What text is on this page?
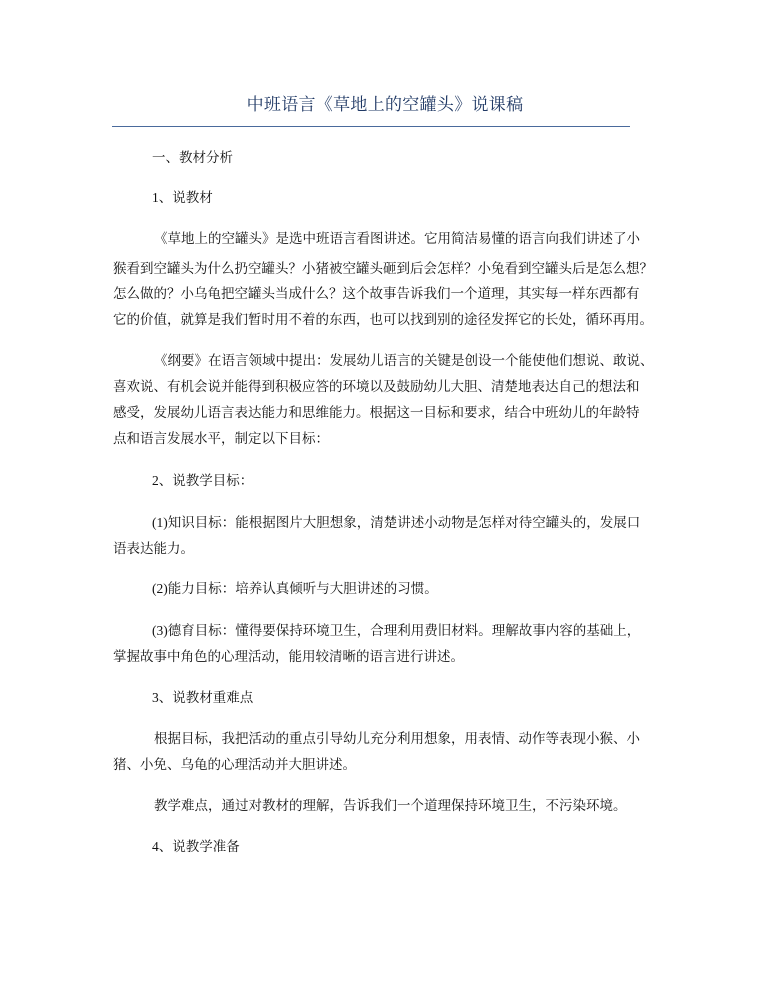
中班语言《草地上的空罐头》说课稿
一、教材分析
1、说教材
《草地上的空罐头》是选中班语言看图讲述。它用简洁易懂的语言向我们讲述了小
猴看到空罐头为什么扔空罐头？小猪被空罐头砸到后会怎样？小兔看到空罐头后是怎么想？
怎么做的？小乌龟把空罐头当成什么？这个故事告诉我们一个道理，其实每一样东西都有
它的价值，就算是我们暂时用不着的东西，也可以找到别的途径发挥它的长处，循环再用。
《纲要》在语言领域中提出：发展幼儿语言的关键是创设一个能使他们想说、敢说、
喜欢说、有机会说并能得到积极应答的环境以及鼓励幼儿大胆、清楚地表达自己的想法和
感受，发展幼儿语言表达能力和思维能力。根据这一目标和要求，结合中班幼儿的年龄特
点和语言发展水平，制定以下目标：
2、说教学目标：
(1)知识目标：能根据图片大胆想象，清楚讲述小动物是怎样对待空罐头的，发展口
语表达能力。
(2)能力目标：培养认真倾听与大胆讲述的习惯。
(3)德育目标：懂得要保持环境卫生，合理利用费旧材料。理解故事内容的基础上，
掌握故事中角色的心理活动，能用较清晰的语言进行讲述。
3、说教材重难点
根据目标，我把活动的重点引导幼儿充分利用想象，用表情、动作等表现小猴、小
猪、小免、乌龟的心理活动并大胆讲述。
教学难点，通过对教材的理解，告诉我们一个道理保持环境卫生，不污染环境。
4、说教学准备
